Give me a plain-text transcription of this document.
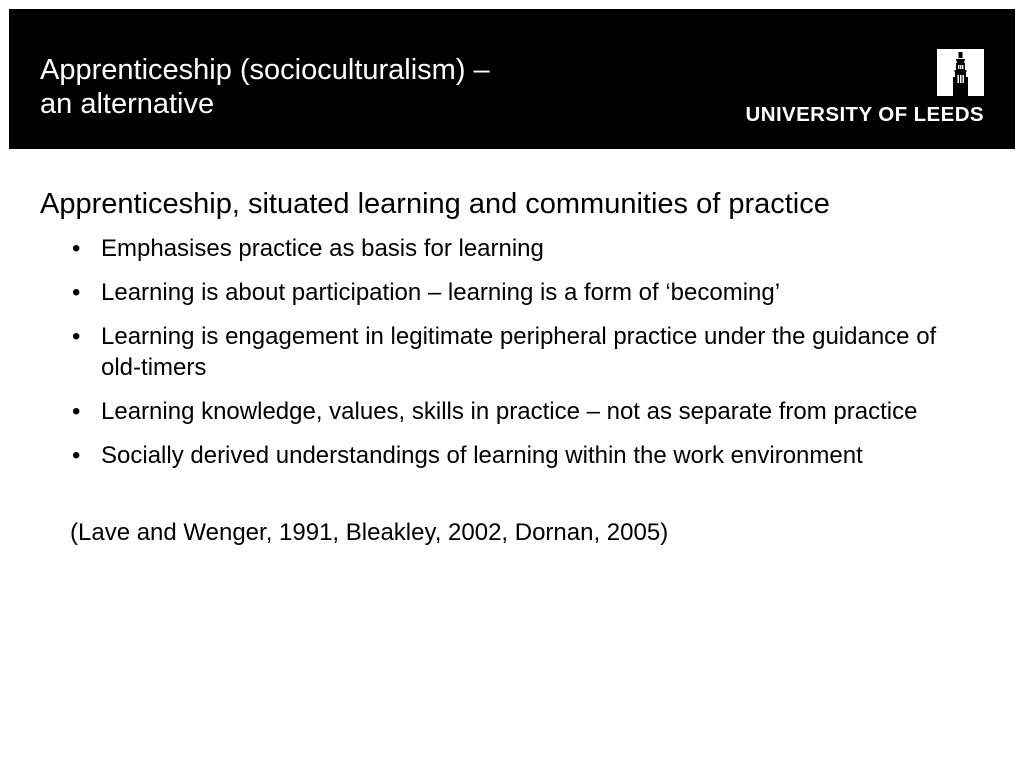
Apprenticeship (socioculturalism) –
an alternative	UNIVERSITY OF LEEDS
Apprenticeship, situated learning and communities of practice
• Emphasises practice as basis for learning
• Learning is about participation – learning is a form of ‘becoming’
• Learning is engagement in legitimate peripheral practice under the guidance of old-timers
• Learning knowledge, values, skills in practice – not as separate from practice
• Socially derived understandings of learning within the work environment

(Lave and Wenger, 1991, Bleakley, 2002, Dornan, 2005)
